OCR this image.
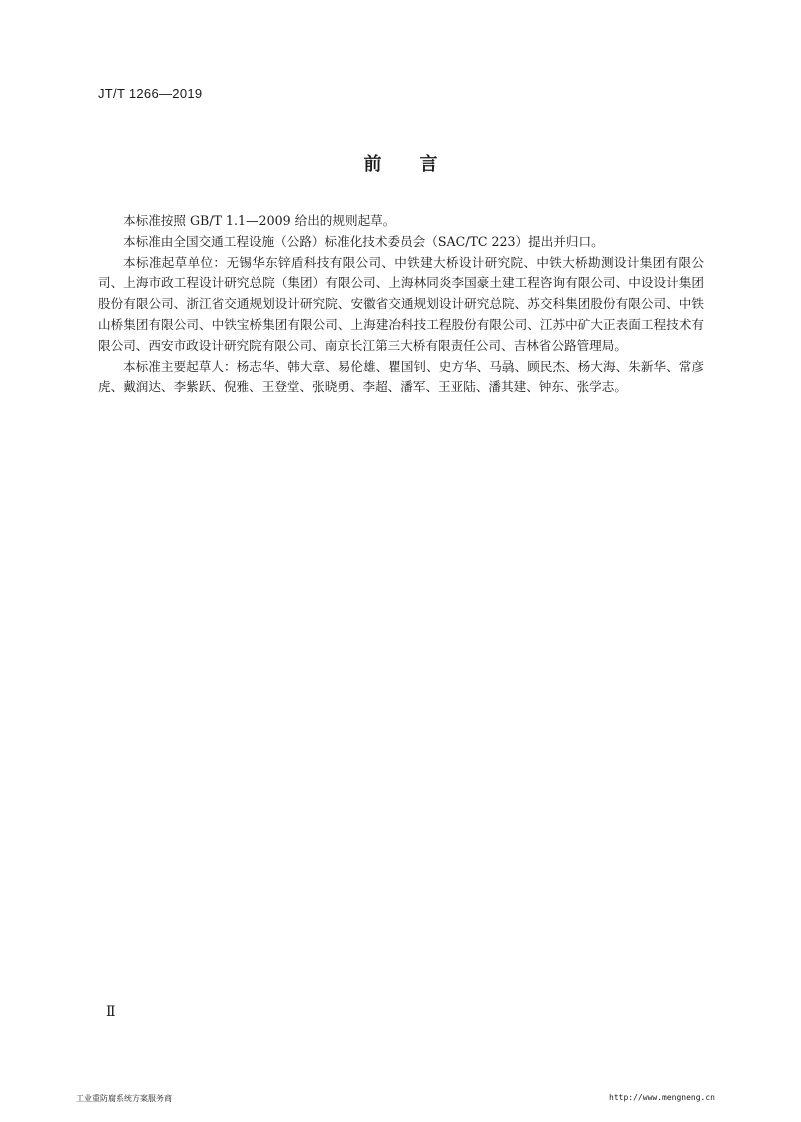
JT/T 1266—2019
前言

本标准按照 GB/T 1.1—2009 给出的规则起草。

本标准由全国交通工程设施（公路）标准化技术委员会（SAC/TC 223）提出并归口。

本标准起草单位：无锡华东锌盾科技有限公司、中铁建大桥设计研究院、中铁大桥勘测设计集团有限公司、上海市政工程设计研究总院（集团）有限公司、上海林同炎李国豪土建工程咨询有限公司、中设设计集团股份有限公司、浙江省交通规划设计研究院、安徽省交通规划设计研究总院、苏交科集团股份有限公司、中铁山桥集团有限公司、中铁宝桥集团有限公司、上海建冶科技工程股份有限公司、江苏中矿大正表面工程技术有限公司、西安市政设计研究院有限公司、南京长江第三大桥有限责任公司、吉林省公路管理局。

本标准主要起草人：杨志华、韩大章、易伦雄、瞿国钊、史方华、马骉、顾民杰、杨大海、朱新华、常彦虎、戴润达、李紫跃、倪雅、王登堂、张晓勇、李超、潘军、王亚陆、潘其建、钟东、张学志。

Ⅱ
工业重防腐系统方案服务商	http://www.mengneng.cn
